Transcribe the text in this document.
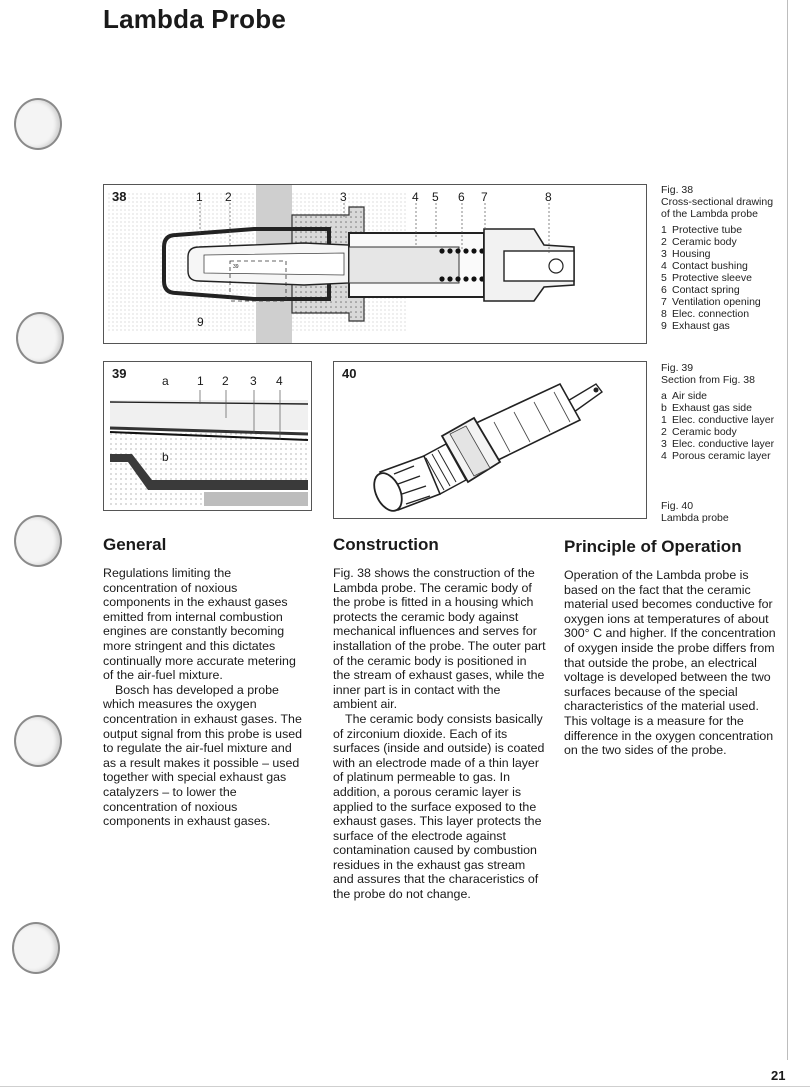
Lambda Probe
38	1 2	3	4 5 6 7	8
9
39
Fig. 38
Cross-sectional drawing
of the Lambda probe
1 Protective tube
2 Ceramic body
3 Housing
4 Contact bushing
5 Protective sleeve
6 Contact spring
7 Ventilation opening
8 Elec. connection
9 Exhaust gas
39	a 1 2 3 4
b
40	Fig. 39
Section from Fig. 38
a Air side
b Exhaust gas side
1 Elec. conductive layer
2 Ceramic body
3 Elec. conductive layer
4 Porous ceramic layer
Fig. 40
Lambda probe
General

Regulations limiting the concentration of noxious components in the exhaust gases emitted from internal combustion engines are constantly becoming more stringent and this dictates continually more accurate metering of the air-fuel mixture.

Bosch has developed a probe which measures the oxygen concentration in exhaust gases. The output signal from this probe is used to regulate the air-fuel mixture and as a result makes it possible – used together with special exhaust gas catalyzers – to lower the concentration of noxious components in exhaust gases.

Construction

Fig. 38 shows the construction of the Lambda probe. The ceramic body of the probe is fitted in a housing which protects the ceramic body against mechanical influences and serves for installation of the probe. The outer part of the ceramic body is positioned in the stream of exhaust gases, while the inner part is in contact with the ambient air.

The ceramic body consists basically of zirconium dioxide. Each of its surfaces (inside and outside) is coated with an electrode made of a thin layer of platinum permeable to gas. In addition, a porous ceramic layer is applied to the surface exposed to the exhaust gases. This layer protects the surface of the electrode against contamination caused by combustion residues in the exhaust gas stream and assures that the characeristics of the probe do not change.

Principle of Operation

Operation of the Lambda probe is based on the fact that the ceramic material used becomes conductive for oxygen ions at temperatures of about 300° C and higher. If the concentration of oxygen inside the probe differs from that outside the probe, an electrical voltage is developed between the two surfaces because of the special characteristics of the material used. This voltage is a measure for the difference in the oxygen concentration on the two sides of the probe.

21
